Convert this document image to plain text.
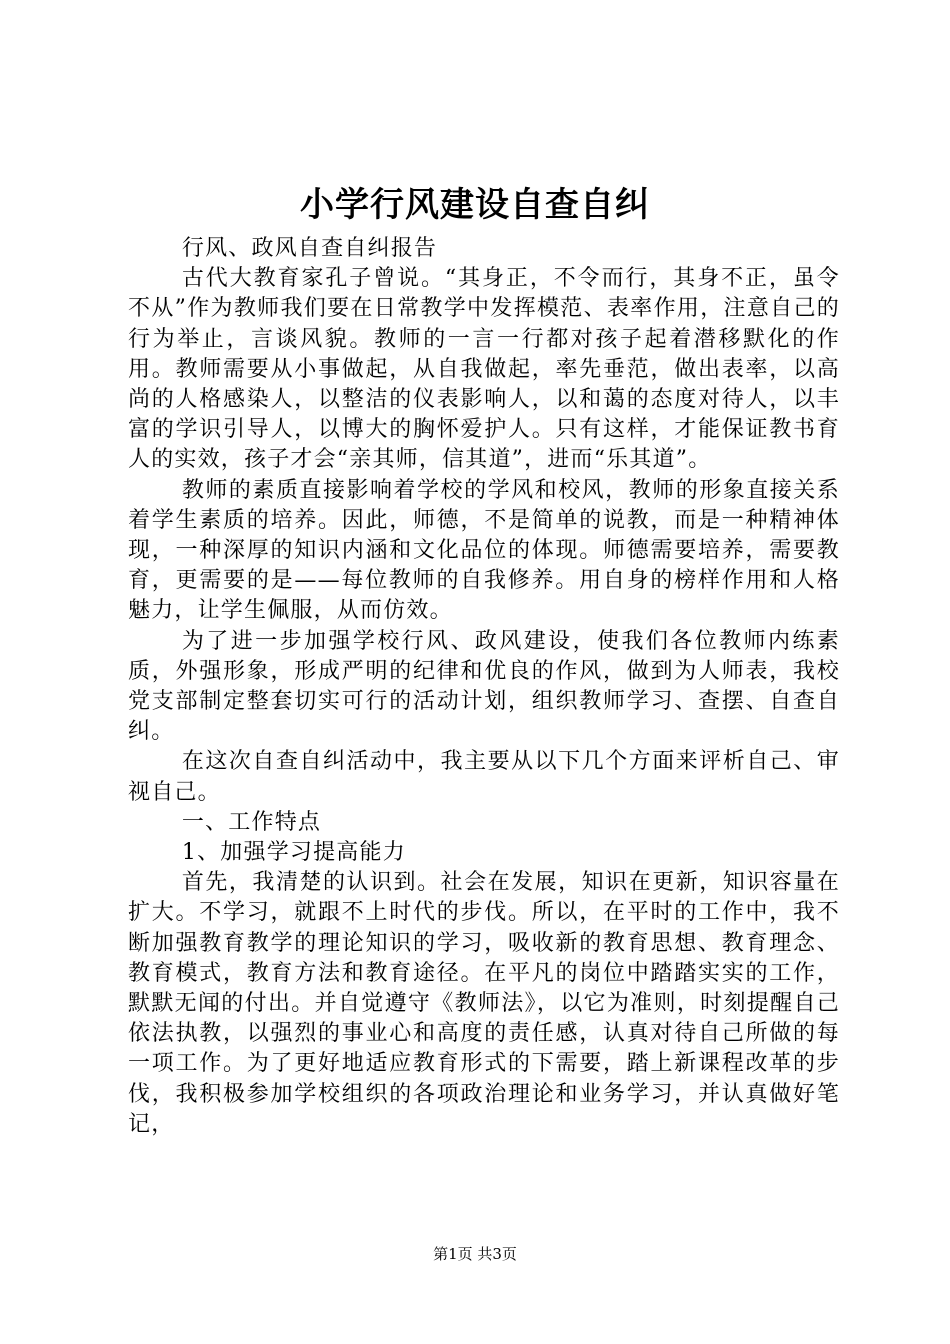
小学行风建设自查自纠

行风、政风自查自纠报告

古代大教育家孔子曾说。“其身正，不令而行，其身不正，虽令不从”作为教师我们要在日常教学中发挥模范、表率作用，注意自己的行为举止，言谈风貌。教师的一言一行都对孩子起着潜移默化的作用。教师需要从小事做起，从自我做起，率先垂范，做出表率，以高尚的人格感染人，以整洁的仪表影响人，以和蔼的态度对待人，以丰富的学识引导人，以博大的胸怀爱护人。只有这样，才能保证教书育人的实效，孩子才会“亲其师，信其道”，进而“乐其道”。

教师的素质直接影响着学校的学风和校风，教师的形象直接关系着学生素质的培养。因此，师德，不是简单的说教，而是一种精神体现，一种深厚的知识内涵和文化品位的体现。师德需要培养，需要教育，更需要的是——每位教师的自我修养。用自身的榜样作用和人格魅力，让学生佩服，从而仿效。

为了进一步加强学校行风、政风建设，使我们各位教师内练素质，外强形象，形成严明的纪律和优良的作风，做到为人师表，我校党支部制定整套切实可行的活动计划，组织教师学习、查摆、自查自纠。

在这次自查自纠活动中，我主要从以下几个方面来评析自己、审视自己。

一、工作特点

1、加强学习提高能力

首先，我清楚的认识到。社会在发展，知识在更新，知识容量在扩大。不学习，就跟不上时代的步伐。所以，在平时的工作中，我不断加强教育教学的理论知识的学习，吸收新的教育思想、教育理念、教育模式，教育方法和教育途径。在平凡的岗位中踏踏实实的工作，默默无闻的付出。并自觉遵守《教师法》，以它为准则，时刻提醒自己依法执教，以强烈的事业心和高度的责任感，认真对待自己所做的每一项工作。为了更好地适应教育形式的下需要，踏上新课程改革的步伐，我积极参加学校组织的各项政治理论和业务学习，并认真做好笔记，

第1页 共3页
